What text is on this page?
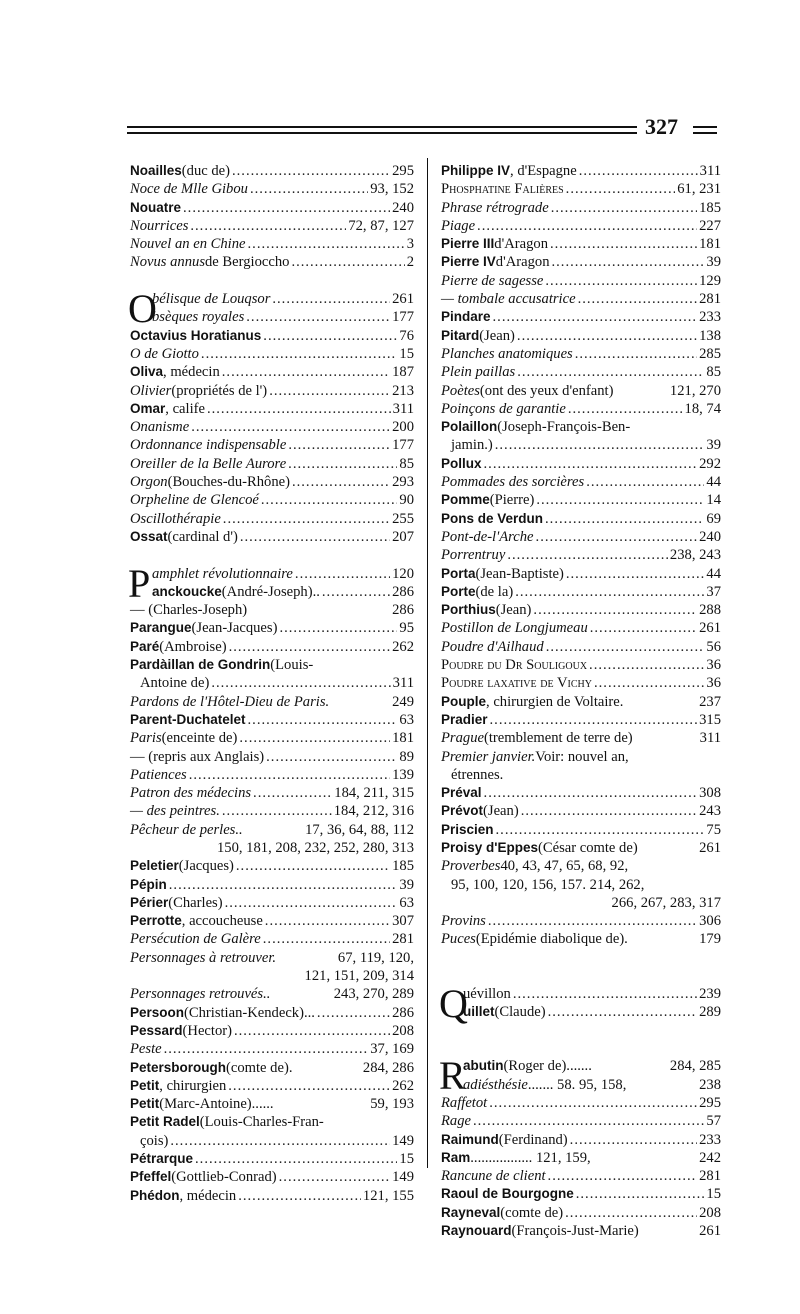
327
Noailles (duc de) .....	295
Noce de Mlle Gibou .....	93, 152
Nouatre .....	240
Nourrices .....	72, 87, 127
Nouvel an en Chine .....	3
Novus annus de Bergiocсho .....	2
O
bélisque de Louqsor .....	261
bsèques royales .....	177
Octavius Horatianus .....	76
O de Giotto .....	15
Oliva , médecin .....	187
Olivier (propriétés de l') .....	213
Omar , calife .....	311
Onanisme .....	200
Ordonnance indispensable .....	177
Oreiller de la Belle Aurore .....	85
Orgon (Bouches-du-Rhône) .....	293
Orpheline de Glencoé .....	90
Oscillothérapie .....	255
Ossat (cardinal d') .....	207
P amphlet révolutionnaire .....	120
anckoucke (André-Joseph).. .....	286
— (Charles-Joseph)	286
Parangue (Jean-Jacques) .....	95
Paré (Ambroise) .....	262
Pardàillan de Gondrin (Louis-
Antoine de) .....	311
Pardons de l'Hôtel-Dieu de Paris.	249
Parent-Duchatelet .....	63
Paris (enceinte de) .....	181
— (repris aux Anglais) .....	89
Patiences .....	139
Patron des médecins .....	184, 211, 315
— des peintres. .....	184, 212, 316
Pêcheur de perles..	17, 36, 64, 88, 112
150, 181, 208, 232, 252, 280, 313
Peletier (Jacques) .....	185
Pépin .....	39
Périer (Charles) .....	63
Perrotte , accoucheuse .....	307
Persécution de Galère .....	281
Personnages à retrouver.	67, 119, 120,
121, 151, 209, 314
Personnages retrouvés..	243, 270, 289
Persoon (Christian-Kendeck)... .....	286
Pessard (Hector) .....	208
Peste .....	37, 169
Petersborough (comte de).	284, 286
Petit , chirurgien .....	262
Petit (Marc-Antoine)......	59, 193
Petit Radel (Louis-Charles-Fran-
çois) .....	149
Pétrarque .....	15
Pfeffel (Gottlieb-Conrad) .....	149
Phédon , médecin .....	121, 155
Philippe IV , d'Espagne .....	311
Phosphatine Falières .....	61, 231
Phrase rétrograde .....	185
Piage .....	227
Pierre III d'Aragon .....	181
Pierre IV d'Aragon .....	39
Pierre de sagesse .....	129
— tombale accusatrice .....	281
Pindare .....	233
Pitard (Jean) .....	138
Planches anatomiques .....	285
Plein paillas .....	85
Poètes (ont des yeux d'enfant)	121, 270
Poinçons de garantie .....	18, 74
Polaillon (Joseph-François-Ben-
jamin.) .....	39
Pollux .....	292
Pommades des sorcières .....	44
Pomme (Pierre) .....	14
Pons de Verdun .....	69
Pont-de-l'Arche .....	240
Porrentruy .....	238, 243
Porta (Jean-Baptiste) .....	44
Porte (de la) .....	37
Porthius (Jean) .....	288
Postillon de Longjumeau .....	261
Poudre d'Ailhaud .....	56
Poudre du Dr Souligoux .....	36
Poudre laxative de Vichy .....	36
Pouple , chirurgien de Voltaire.	237
Pradier .....	315
Prague (tremblement de terre de)	311
Premier janvier. Voir: nouvel an,
étrennes.
Préval .....	308
Prévot (Jean) .....	243
Priscien .....	75
Proisy d'Eppes (César comte de)	261
Proverbes 40, 43, 47, 65, 68, 92,
95, 100, 120, 156, 157. 214, 262,
266, 267, 283, 317
Provins .....	306
Puces (Epidémie diabolique de).	179
Q
uévillon .....	239
uillet (Claude) .....	289
R
abutin (Roger de).......	284, 285
adiésthésie ....... 58. 95, 158,	238
Raffetot .....	295
Rage .....	57
Raimund (Ferdinand) .....	233
Ram ................. 121, 159,	242
Rancune de client .....	281
Raoul de Bourgogne .....	15
Rayneval (comte de) .....	208
Raynouard (François-Just-Marie)	261
